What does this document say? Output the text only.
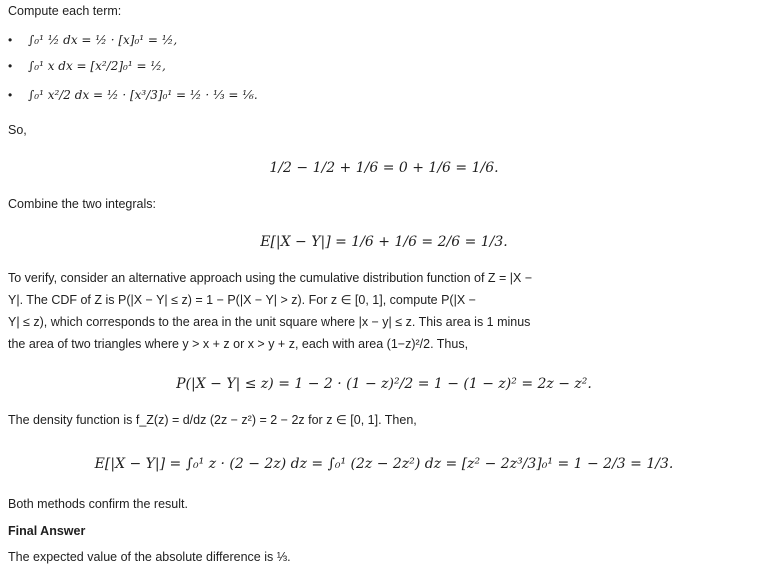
Compute each term:
• ∫₀¹ ½ dx = ½ · [x]₀¹ = ½,
• ∫₀¹ x dx = [x²/2]₀¹ = ½,
• ∫₀¹ x²/2 dx = ½ · [x³/3]₀¹ = ½ · ⅓ = ⅙.
So,
1/2 − 1/2 + 1/6 = 0 + 1/6 = 1/6.
Combine the two integrals:
E[|X − Y|] = 1/6 + 1/6 = 2/6 = 1/3.
To verify, consider an alternative approach using the cumulative distribution function of Z = |X −
Y|. The CDF of Z is P(|X − Y| ≤ z) = 1 − P(|X − Y| > z). For z ∈ [0, 1], compute P(|X −
Y| ≤ z), which corresponds to the area in the unit square where |x − y| ≤ z. This area is 1 minus
the area of two triangles where y > x + z or x > y + z, each with area (1−z)²/2. Thus,
P(|X − Y| ≤ z) = 1 − 2 · (1 − z)²/2 = 1 − (1 − z)² = 2z − z².
The density function is f_Z(z) = d/dz (2z − z²) = 2 − 2z for z ∈ [0, 1]. Then,
E[|X − Y|] = ∫₀¹ z · (2 − 2z) dz = ∫₀¹ (2z − 2z²) dz = [z² − 2z³/3]₀¹ = 1 − 2/3 = 1/3.
Both methods confirm the result.
Final Answer
The expected value of the absolute difference is ⅓.
